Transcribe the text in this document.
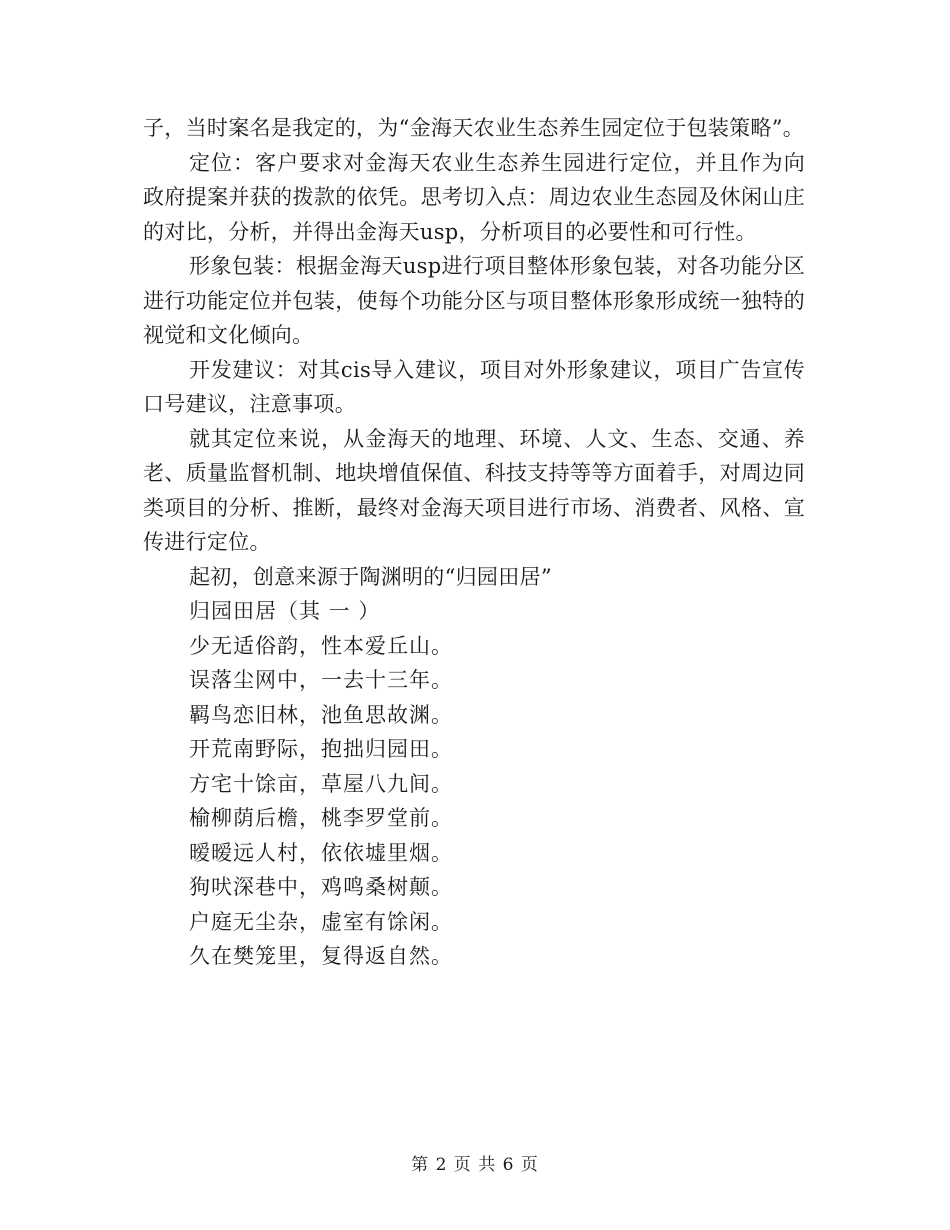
子，当时案名是我定的，为“金海天农业生态养生园定位于包装策略”。

定位：客户要求对金海天农业生态养生园进行定位，并且作为向政府提案并获的拨款的依凭。思考切入点：周边农业生态园及休闲山庄的对比，分析，并得出金海天usp，分析项目的必要性和可行性。

形象包装：根据金海天usp进行项目整体形象包装，对各功能分区进行功能定位并包装，使每个功能分区与项目整体形象形成统一独特的视觉和文化倾向。

开发建议：对其cis导入建议，项目对外形象建议，项目广告宣传口号建议，注意事项。

就其定位来说，从金海天的地理、环境、人文、生态、交通、养老、质量监督机制、地块增值保值、科技支持等等方面着手，对周边同类项目的分析、推断，最终对金海天项目进行市场、消费者、风格、宣传进行定位。

起初，创意来源于陶渊明的“归园田居”

归园田居（其 一 ）

少无适俗韵，性本爱丘山。

误落尘网中，一去十三年。

羁鸟恋旧林，池鱼思故渊。

开荒南野际，抱拙归园田。

方宅十馀亩，草屋八九间。

榆柳荫后檐，桃李罗堂前。

暧暧远人村，依依墟里烟。

狗吠深巷中，鸡鸣桑树颠。

户庭无尘杂，虚室有馀闲。

久在樊笼里，复得返自然。

第 2 页 共 6 页
